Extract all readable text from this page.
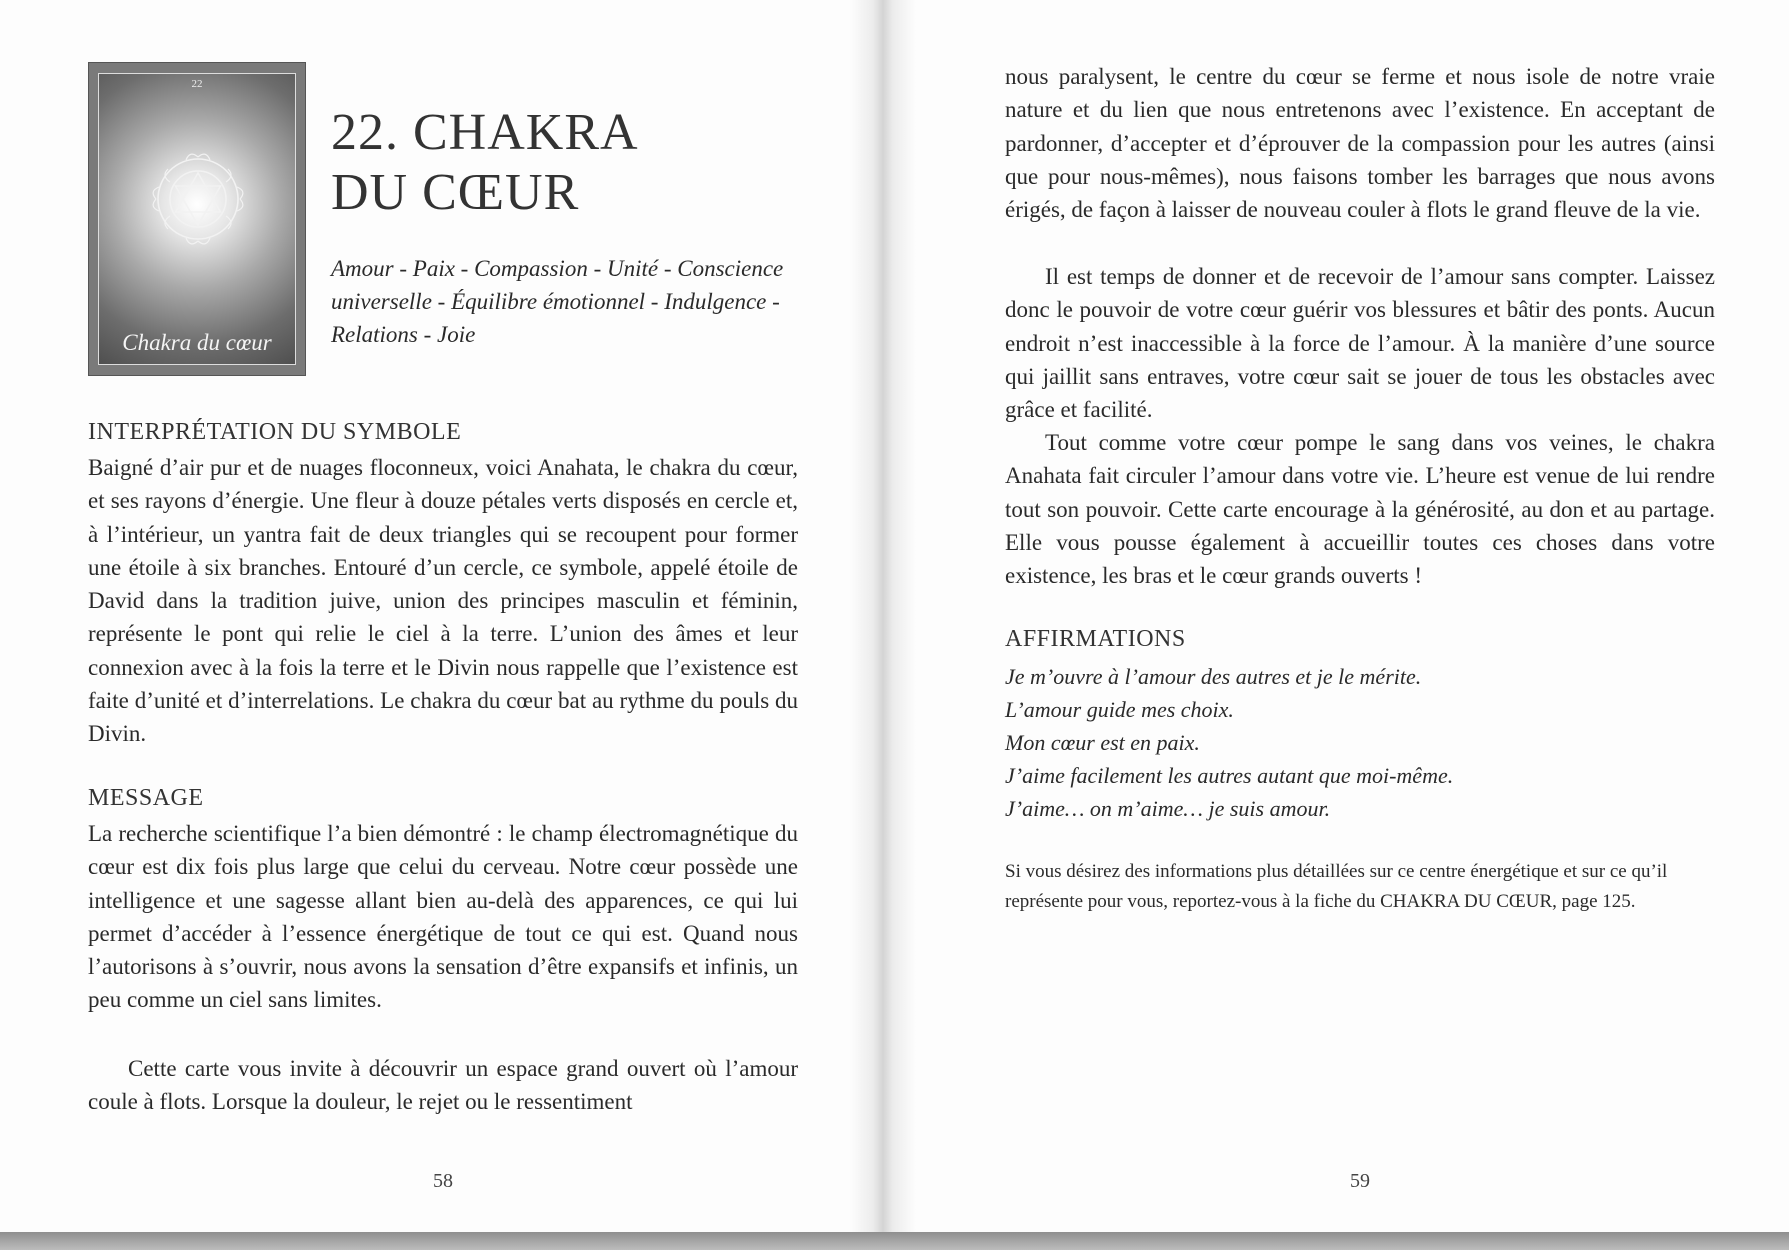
22
Chakra du cœur
22. CHAKRA
DU CŒUR

Amour - Paix - Compassion - Unité - Conscience universelle - Équilibre émotionnel - Indulgence - Relations - Joie

INTERPRÉTATION DU SYMBOLE

Baigné d’air pur et de nuages floconneux, voici Anahata, le chakra du cœur, et ses rayons d’énergie. Une fleur à douze pétales verts disposés en cercle et, à l’intérieur, un yantra fait de deux triangles qui se recoupent pour former une étoile à six branches. Entouré d’un cercle, ce symbole, appelé étoile de David dans la tradition juive, union des principes masculin et féminin, représente le pont qui relie le ciel à la terre. L’union des âmes et leur connexion avec à la fois la terre et le Divin nous rappelle que l’existence est faite d’unité et d’interrelations. Le chakra du cœur bat au rythme du pouls du Divin.

MESSAGE

La recherche scientifique l’a bien démontré : le champ électromagnétique du cœur est dix fois plus large que celui du cerveau. Notre cœur possède une intelligence et une sagesse allant bien au-delà des apparences, ce qui lui permet d’accéder à l’essence énergétique de tout ce qui est. Quand nous l’autorisons à s’ouvrir, nous avons la sensation d’être expansifs et infinis, un peu comme un ciel sans limites.

Cette carte vous invite à découvrir un espace grand ouvert où l’amour coule à flots. Lorsque la douleur, le rejet ou le ressentiment

58

nous paralysent, le centre du cœur se ferme et nous isole de notre vraie nature et du lien que nous entretenons avec l’existence. En acceptant de pardonner, d’accepter et d’éprouver de la compassion pour les autres (ainsi que pour nous-mêmes), nous faisons tomber les barrages que nous avons érigés, de façon à laisser de nouveau couler à flots le grand fleuve de la vie.

Il est temps de donner et de recevoir de l’amour sans compter. Laissez donc le pouvoir de votre cœur guérir vos blessures et bâtir des ponts. Aucun endroit n’est inaccessible à la force de l’amour. À la manière d’une source qui jaillit sans entraves, votre cœur sait se jouer de tous les obstacles avec grâce et facilité.

Tout comme votre cœur pompe le sang dans vos veines, le chakra Anahata fait circuler l’amour dans votre vie. L’heure est venue de lui rendre tout son pouvoir. Cette carte encourage à la générosité, au don et au partage. Elle vous pousse également à accueillir toutes ces choses dans votre existence, les bras et le cœur grands ouverts !

AFFIRMATIONS
Je m’ouvre à l’amour des autres et je le mérite.
L’amour guide mes choix.
Mon cœur est en paix.
J’aime facilement les autres autant que moi-même.
J’aime… on m’aime… je suis amour.

Si vous désirez des informations plus détaillées sur ce centre énergétique et sur ce qu’il représente pour vous, reportez-vous à la fiche du CHAKRA DU CŒUR, page 125.

59
